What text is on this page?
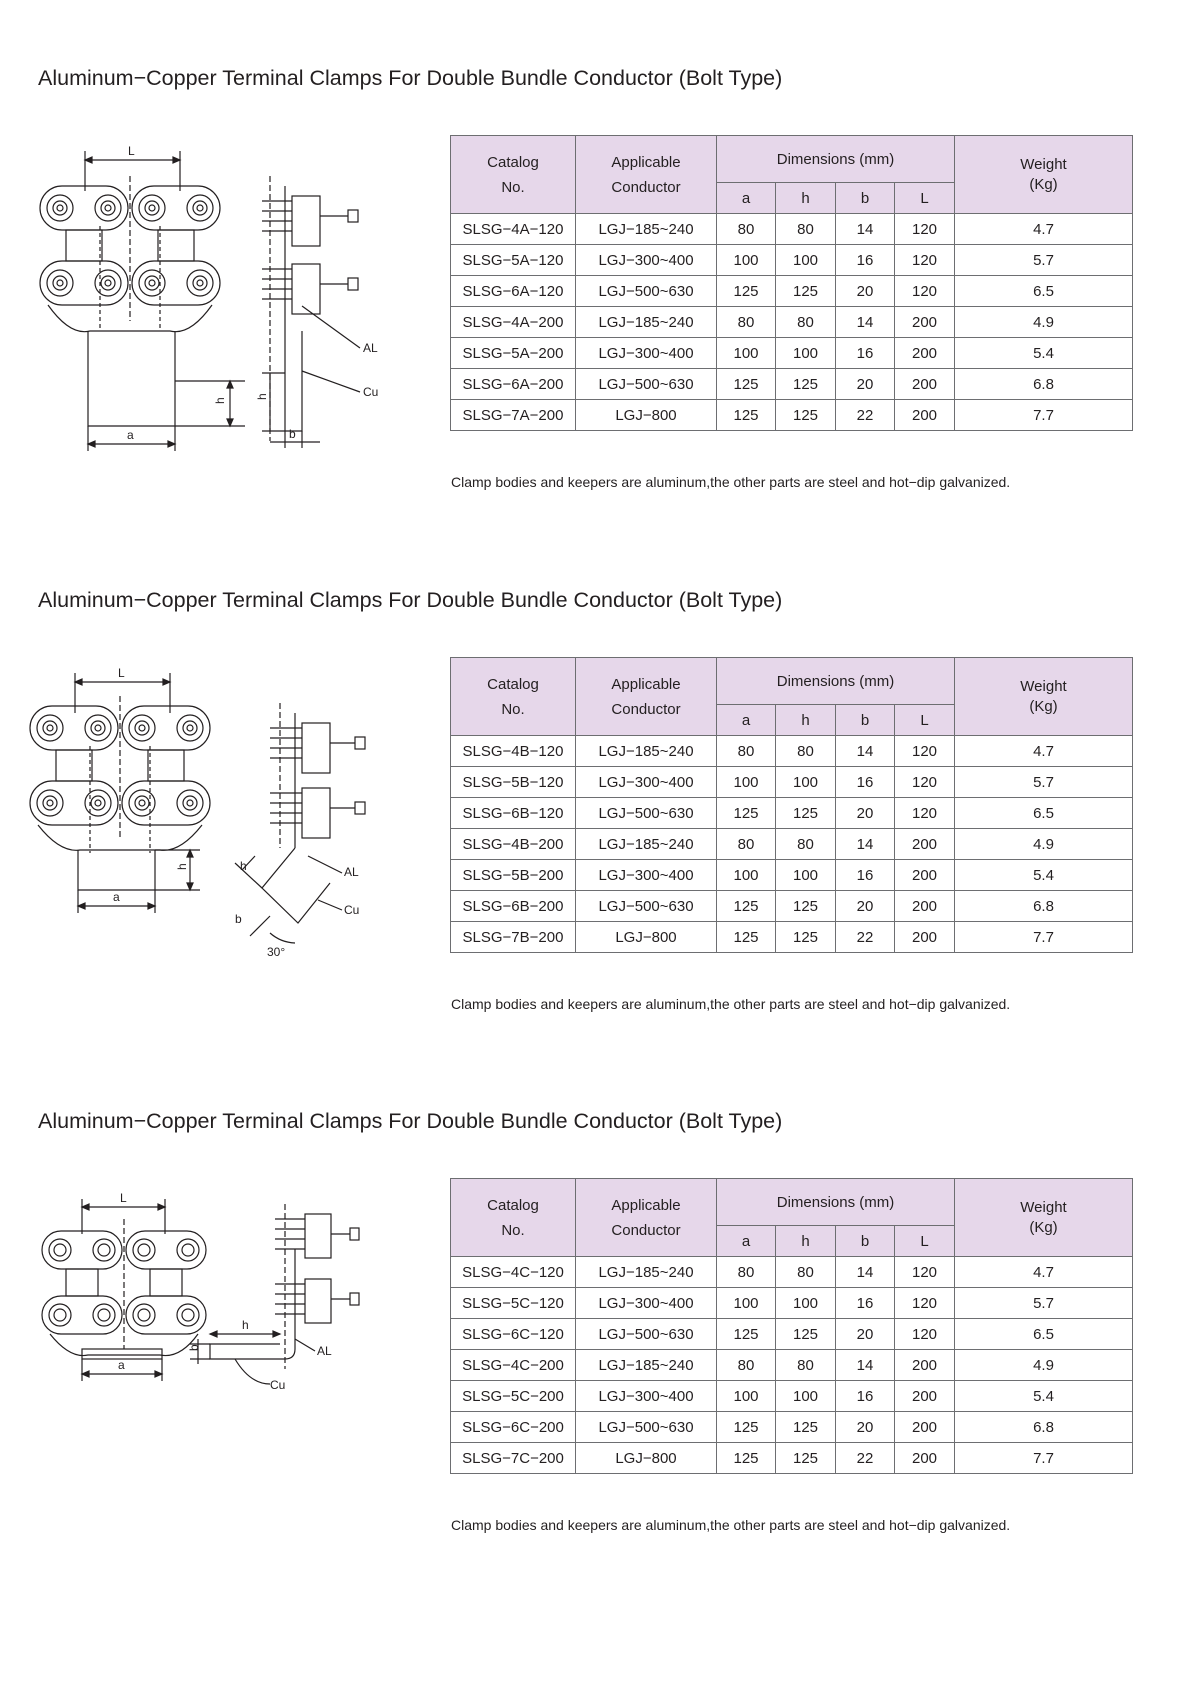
Aluminum−Copper Terminal Clamps For Double Bundle Conductor (Bolt Type)
L
h
a
AL
Cu
h
b
Catalog
No.	Applicable
Conductor	Dimensions (mm)				Weight
(Kg)

		a	h	b	L	
SLSG−4A−120	LGJ−185~240	80	80	14	120	4.7
SLSG−5A−120	LGJ−300~400	100	100	16	120	5.7
SLSG−6A−120	LGJ−500~630	125	125	20	120	6.5
SLSG−4A−200	LGJ−185~240	80	80	14	200	4.9
SLSG−5A−200	LGJ−300~400	100	100	16	200	5.4
SLSG−6A−200	LGJ−500~630	125	125	20	200	6.8
SLSG−7A−200	LGJ−800	125	125	22	200	7.7
Clamp bodies and keepers are aluminum,the other parts are steel and hot−dip galvanized.
Aluminum−Copper Terminal Clamps For Double Bundle Conductor (Bolt Type)
L
h
a
h
b
30°
AL
Cu
Catalog
No.	Applicable
Conductor	Dimensions (mm)				Weight
(Kg)

		a	h	b	L	
SLSG−4B−120	LGJ−185~240	80	80	14	120	4.7
SLSG−5B−120	LGJ−300~400	100	100	16	120	5.7
SLSG−6B−120	LGJ−500~630	125	125	20	120	6.5
SLSG−4B−200	LGJ−185~240	80	80	14	200	4.9
SLSG−5B−200	LGJ−300~400	100	100	16	200	5.4
SLSG−6B−200	LGJ−500~630	125	125	20	200	6.8
SLSG−7B−200	LGJ−800	125	125	22	200	7.7
Clamp bodies and keepers are aluminum,the other parts are steel and hot−dip galvanized.
Aluminum−Copper Terminal Clamps For Double Bundle Conductor (Bolt Type)
L
a
h
b	AL
Cu
Catalog
No.	Applicable
Conductor	Dimensions (mm)				Weight
(Kg)

		a	h	b	L	
SLSG−4C−120	LGJ−185~240	80	80	14	120	4.7
SLSG−5C−120	LGJ−300~400	100	100	16	120	5.7
SLSG−6C−120	LGJ−500~630	125	125	20	120	6.5
SLSG−4C−200	LGJ−185~240	80	80	14	200	4.9
SLSG−5C−200	LGJ−300~400	100	100	16	200	5.4
SLSG−6C−200	LGJ−500~630	125	125	20	200	6.8
SLSG−7C−200	LGJ−800	125	125	22	200	7.7
Clamp bodies and keepers are aluminum,the other parts are steel and hot−dip galvanized.
